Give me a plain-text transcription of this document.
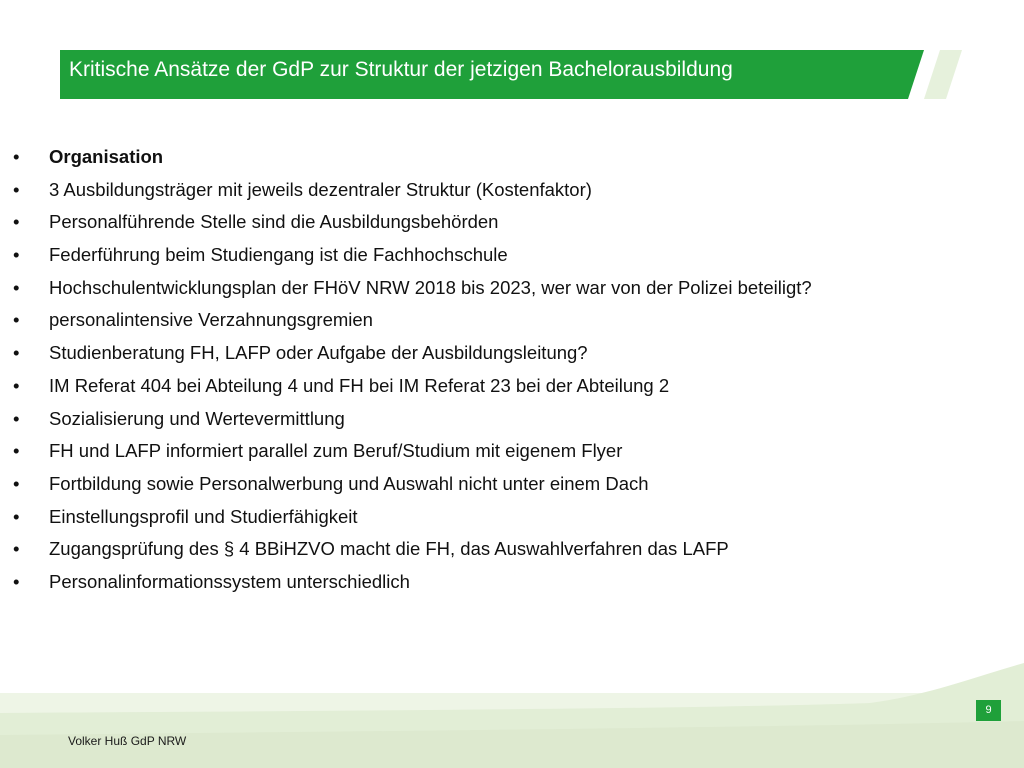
Kritische Ansätze der GdP zur Struktur der jetzigen Bachelorausbildung
•	Organisation
•	3 Ausbildungsträger mit jeweils dezentraler Struktur (Kostenfaktor)
•	Personalführende Stelle sind die Ausbildungsbehörden
•	Federführung beim Studiengang ist die Fachhochschule
•	Hochschulentwicklungsplan der FHöV NRW 2018 bis 2023, wer war von der Polizei beteiligt?
•	personalintensive Verzahnungsgremien
•	Studienberatung FH, LAFP oder Aufgabe der Ausbildungsleitung?
•	IM Referat 404 bei Abteilung 4 und FH bei IM Referat 23 bei der Abteilung 2
•	Sozialisierung und Wertevermittlung
•	FH und LAFP informiert parallel zum Beruf/Studium mit eigenem Flyer
•	Fortbildung sowie Personalwerbung und Auswahl nicht unter einem Dach
•	Einstellungsprofil und Studierfähigkeit
•	Zugangsprüfung des § 4 BBiHZVO macht die FH, das Auswahlverfahren das LAFP
•	Personalinformationssystem unterschiedlich
9
Volker Huß GdP NRW
